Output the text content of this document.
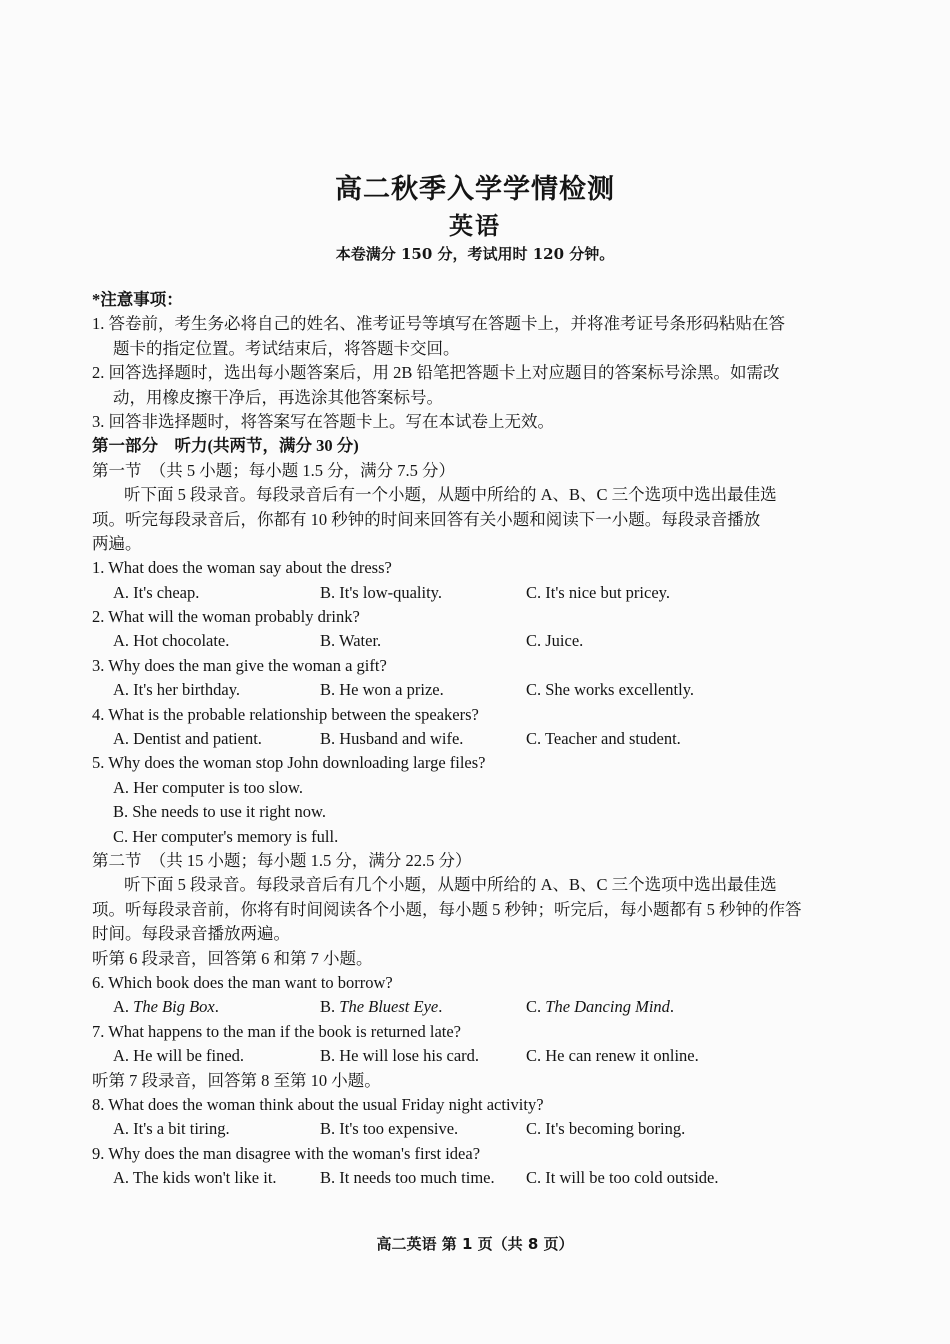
高二秋季入学学情检测
英语
本卷满分 150 分，考试用时 120 分钟。
*注意事项：
1. 答卷前，考生务必将自己的姓名、准考证号等填写在答题卡上，并将准考证号条形码粘贴在答
题卡的指定位置。考试结束后，将答题卡交回。
2. 回答选择题时，选出每小题答案后，用 2B 铅笔把答题卡上对应题目的答案标号涂黑。如需改
动，用橡皮擦干净后，再选涂其他答案标号。
3. 回答非选择题时，将答案写在答题卡上。写在本试卷上无效。
第一部分　听力(共两节，满分 30 分)
第一节　（共 5 小题；每小题 1.5 分，满分 7.5 分）
听下面 5 段录音。每段录音后有一个小题，从题中所给的 A、B、C 三个选项中选出最佳选
项。听完每段录音后，你都有 10 秒钟的时间来回答有关小题和阅读下一小题。每段录音播放
两遍。
1. What does the woman say about the dress?
A. It's cheap.	B. It's low-quality.	C. It's nice but pricey.
2. What will the woman probably drink?
A. Hot chocolate.	B. Water.	C. Juice.
3. Why does the man give the woman a gift?
A. It's her birthday.	B. He won a prize.	C. She works excellently.
4. What is the probable relationship between the speakers?
A. Dentist and patient.	B. Husband and wife.	C. Teacher and student.
5. Why does the woman stop John downloading large files?
A. Her computer is too slow.
B. She needs to use it right now.
C. Her computer's memory is full.
第二节　（共 15 小题；每小题 1.5 分，满分 22.5 分）
听下面 5 段录音。每段录音后有几个小题，从题中所给的 A、B、C 三个选项中选出最佳选
项。听每段录音前，你将有时间阅读各个小题，每小题 5 秒钟；听完后，每小题都有 5 秒钟的作答
时间。每段录音播放两遍。
听第 6 段录音，回答第 6 和第 7 小题。
6. Which book does the man want to borrow?
A. The Big Box.	B. The Bluest Eye.	C. The Dancing Mind.
7. What happens to the man if the book is returned late?
A. He will be fined.	B. He will lose his card.	C. He can renew it online.
听第 7 段录音，回答第 8 至第 10 小题。
8. What does the woman think about the usual Friday night activity?
A. It's a bit tiring.	B. It's too expensive.	C. It's becoming boring.
9. Why does the man disagree with the woman's first idea?
A. The kids won't like it.	B. It needs too much time. C. It will be too cold outside.
高二英语 第 1 页（共 8 页）
